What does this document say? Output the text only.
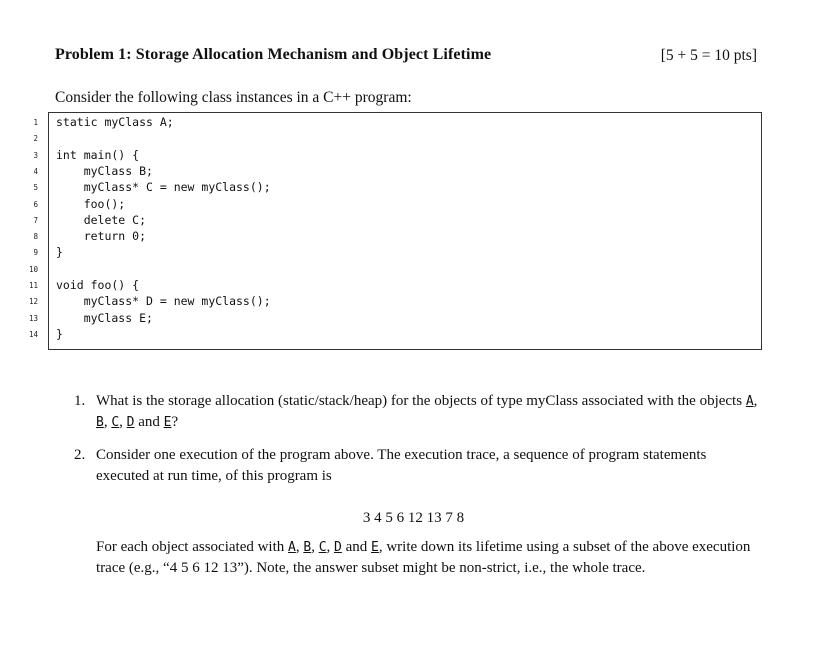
Problem 1: Storage Allocation Mechanism and Object Lifetime	[5 + 5 = 10 pts]
Consider the following class instances in a C++ program:
1 static myClass A;
2
3 int main() {
4 myClass B;
5 myClass* C = new myClass();
6 foo();
7 delete C;
8 return 0;
9 }
10
11 void foo() {
12 myClass* D = new myClass();
13 myClass E;
14 }
1. What is the storage allocation (static/stack/heap) for the objects of type myClass associated with the objects A, B, C, D and E?
2. Consider one execution of the program above. The execution trace, a sequence of program statements executed at run time, of this program is
3 4 5 6 12 13 7 8
For each object associated with A, B, C, D and E, write down its lifetime using a subset of the above execution trace (e.g., “4 5 6 12 13”). Note, the answer subset might be non-strict, i.e., the whole trace.
